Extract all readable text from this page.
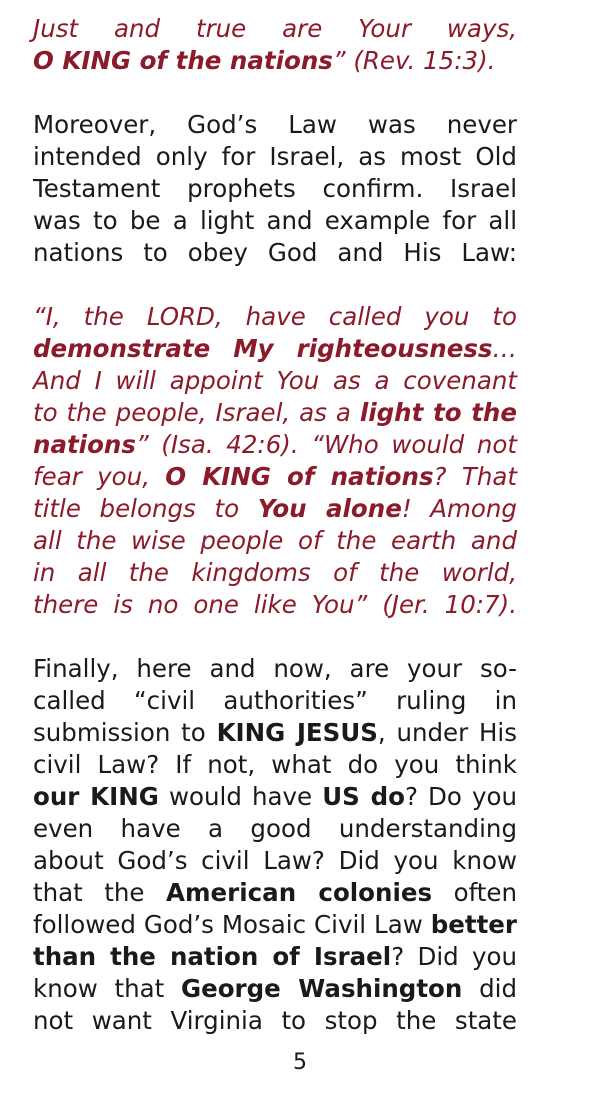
Just and true are Your ways,

O KING of the nations” (Rev. 15:3).

Moreover, God’s Law was never

intended only for Israel, as most Old

Testament prophets confirm. Israel

was to be a light and example for all

nations to obey God and His Law:

“I, the LORD, have called you to

demonstrate My righteousness…

And I will appoint You as a covenant

to the people, Israel, as a light to the

nations” (Isa. 42:6). “Who would not

fear you, O KING of nations? That

title belongs to You alone! Among

all the wise people of the earth and

in all the kingdoms of the world,

there is no one like You” (Jer. 10:7).

Finally, here and now, are your so-

called “civil authorities” ruling in

submission to KING JESUS, under His

civil Law? If not, what do you think

our KING would have US do? Do you

even have a good understanding

about God’s civil Law? Did you know

that the American colonies often

followed God’s Mosaic Civil Law better

than the nation of Israel? Did you

know that George Washington did

not want Virginia to stop the state

5
